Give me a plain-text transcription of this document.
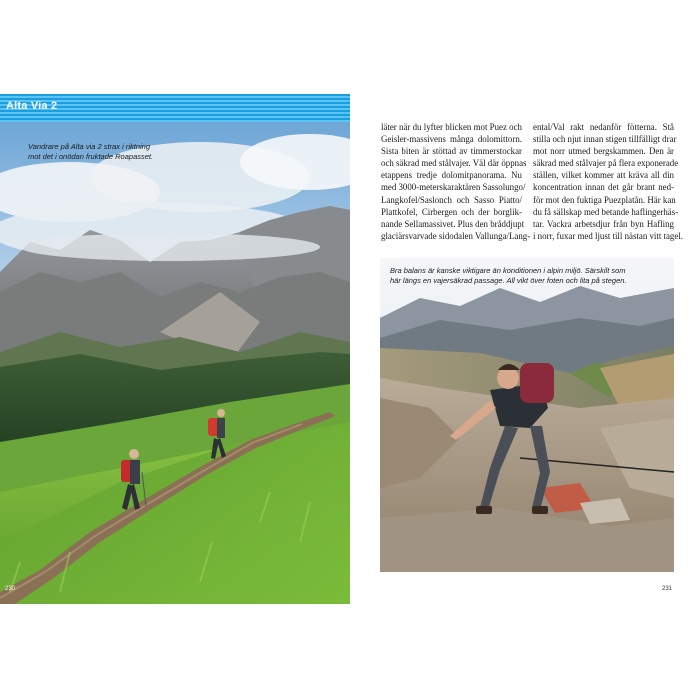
Alta Via 2
Vandrare på Alta via 2 strax i riktning
mot det i onödan fruktade Roapasset.
230
läter när du lyfter blicken mot Puez och
Geisler-massivens många dolomittorn.
Sista biten är stöttad av timmerstockar
och säkrad med stålvajer. Väl där öppnas
etappens tredje dolomitpanorama. Nu
med 3000-meterskaraktären Sassolungo/
Langkofel/Saslonch och Sasso Piatto/
Plattkofel, Cirbergen och der borglik-
nande Sellamassivet. Plus den bråddjupt
glaciärsvarvade sidodalen Vallunga/Lang-
ental/Val rakt nedanför fötterna. Stå
stilla och njut innan stigen tillfälligt drar
mot norr utmed bergskammen. Den är
säkrad med stålvajer på flera exponerade
ställen, vilket kommer att kräva all din
koncentration innan det går brant ned-
för mot den fuktiga Puezplatån. Här kan
du få sällskap med betande haflingerhäs-
tar. Vackra arbetsdjur från byn Hafling
i norr, fuxar med ljust till nästan vitt tagel.
Bra balans är kanske viktigare än konditionen i alpin miljö. Särskilt som
här längs en vajersäkrad passage. All vikt över foten och lita på stegen.
231
